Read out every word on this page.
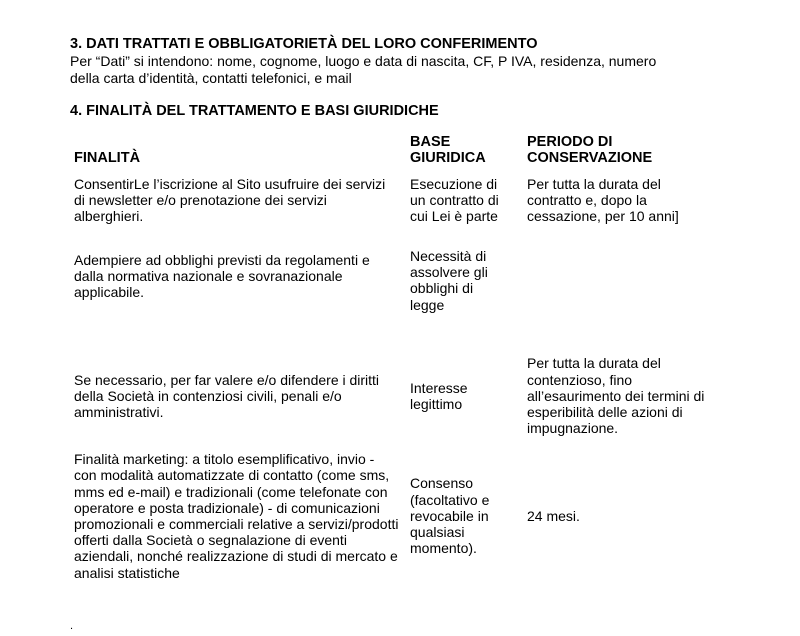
3. DATI TRATTATI E OBBLIGATORIETÀ DEL LORO CONFERIMENTO

Per “Dati” si intendono: nome, cognome, luogo e data di nascita, CF, P IVA, residenza, numero

della carta d’identità, contatti telefonici, e mail

4. FINALITÀ DEL TRATTAMENTO E BASI GIURIDICHE

FINALITÀ	BASE GIURIDICA	PERIODO DI CONSERVAZIONE

ConsentirLe l’iscrizione al Sito usufruire dei servizi di newsletter e/o prenotazione dei servizi alberghieri.	Esecuzione di un contratto di cui Lei è parte	Per tutta la durata del contratto e, dopo la cessazione, per 10 anni]

Adempiere ad obblighi previsti da regolamenti e dalla normativa nazionale e sovranazionale applicabile.	Necessità di assolvere gli obblighi di legge	

Se necessario, per far valere e/o difendere i diritti della Società in contenziosi civili, penali e/o amministrativi.	Interesse legittimo	Per tutta la durata del contenzioso, fino all’esaurimento dei termini di esperibilità delle azioni di impugnazione.

Finalità marketing: a titolo esemplificativo, invio - con modalità automatizzate di contatto (come sms, mms ed e-mail) e tradizionali (come telefonate con operatore e posta tradizionale) - di comunicazioni promozionali e commerciali relative a servizi/prodotti offerti dalla Società o segnalazione di eventi aziendali, nonché realizzazione di studi di mercato e analisi statistiche	Consenso (facoltativo e revocabile in qualsiasi momento).	24 mesi.
.
